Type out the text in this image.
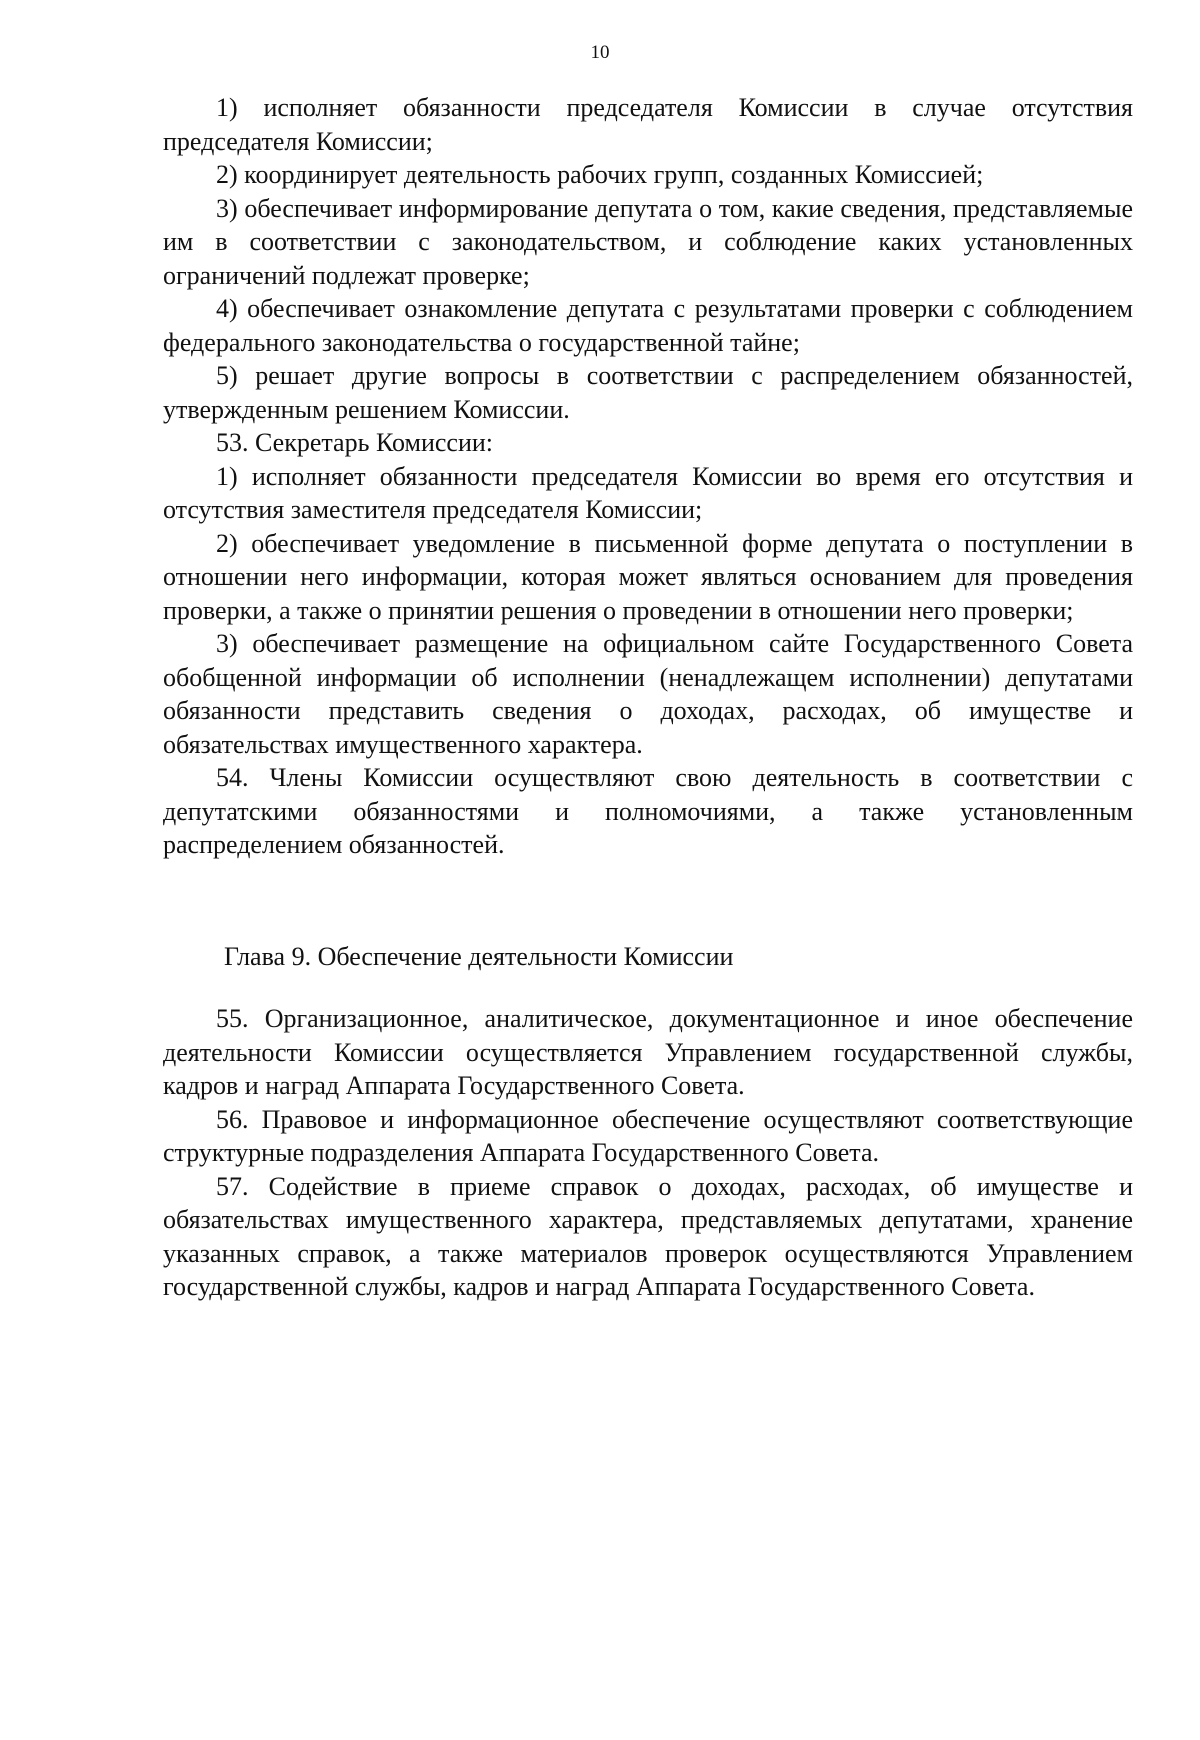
10

1) исполняет обязанности председателя Комиссии в случае отсутствия председателя Комиссии;

2) координирует деятельность рабочих групп, созданных Комиссией;

3) обеспечивает информирование депутата о том, какие сведения, представляемые им в соответствии с законодательством, и соблюдение каких установленных ограничений подлежат проверке;

4) обеспечивает ознакомление депутата с результатами проверки с соблюдением федерального законодательства о государственной тайне;

5) решает другие вопросы в соответствии с распределением обязанностей, утвержденным решением Комиссии.

53. Секретарь Комиссии:

1) исполняет обязанности председателя Комиссии во время его отсутствия и отсутствия заместителя председателя Комиссии;

2) обеспечивает уведомление в письменной форме депутата о поступлении в отношении него информации, которая может являться основанием для проведения проверки, а также о принятии решения о проведении в отношении него проверки;

3) обеспечивает размещение на официальном сайте Государственного Совета обобщенной информации об исполнении (ненадлежащем исполнении) депутатами обязанности представить сведения о доходах, расходах, об имуществе и обязательствах имущественного характера.

54. Члены Комиссии осуществляют свою деятельность в соответствии с депутатскими обязанностями и полномочиями, а также установленным распределением обязанностей.

Глава 9. Обеспечение деятельности Комиссии

55. Организационное, аналитическое, документационное и иное обеспечение деятельности Комиссии осуществляется Управлением государственной службы, кадров и наград Аппарата Государственного Совета.

56. Правовое и информационное обеспечение осуществляют соответствующие структурные подразделения Аппарата Государственного Совета.

57. Содействие в приеме справок о доходах, расходах, об имуществе и обязательствах имущественного характера, представляемых депутатами, хранение указанных справок, а также материалов проверок осуществляются Управлением государственной службы, кадров и наград Аппарата Государственного Совета.
